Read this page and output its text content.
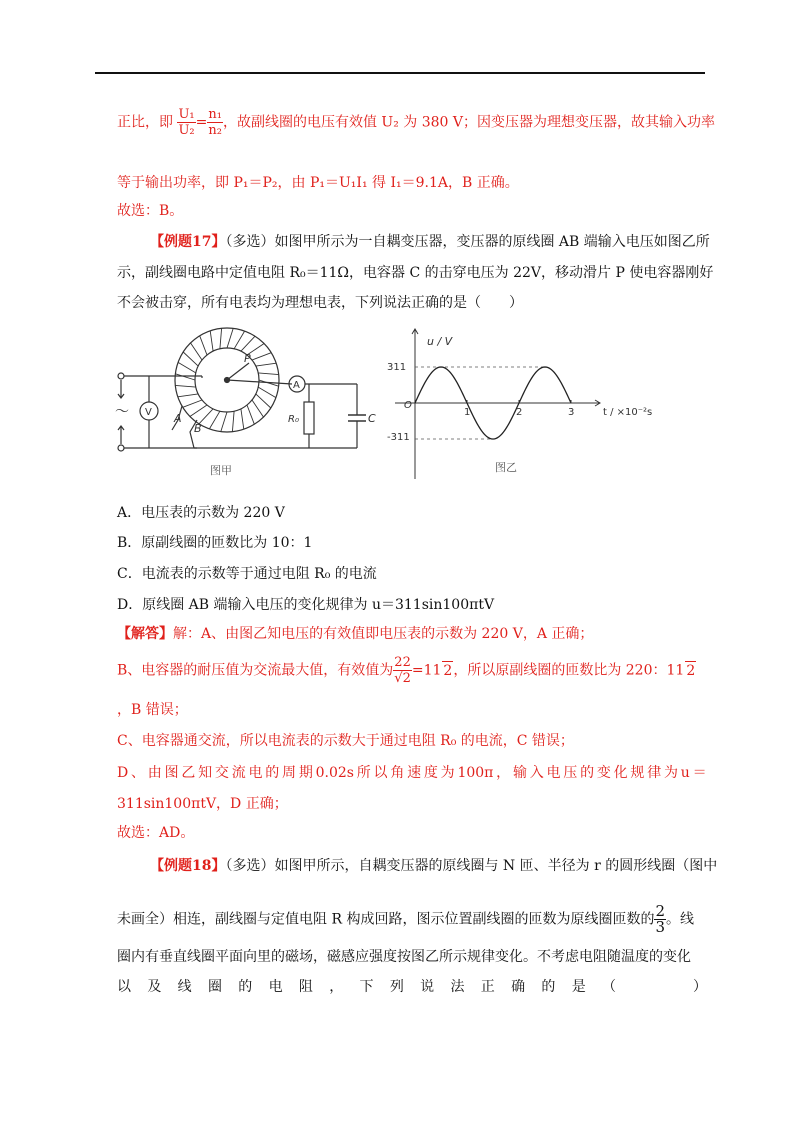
正比，即 $\frac{\text{U₁}}{\text{U₂}} = \frac{\text{n₁}}{\text{n₂}}$ ，故副线圈的电压有效值 U₂ 为 380 V；因变压器为理想变压器，故其输入功率
等于输出功率，即 P₁＝P₂，由 P₁＝U₁I₁ 得 I₁＝9.1A，B 正确。
故选：B。
【例题17】（多选）如图甲所示为一自耦变压器，变压器的原线圈 AB 端输入电压如图乙所
示，副线圈电路中定值电阻 R₀＝11Ω，电容器 C 的击穿电压为 22V，移动滑片 P 使电容器刚好
不会被击穿，所有电表均为理想电表，下列说法正确的是（　　）
～ V
A
A
B
P
R₀	C
图甲
1	2	3
u / V
311
-311
O
t / ×10⁻²s
图乙
A．电压表的示数为 220 V
B．原副线圈的匝数比为 10：1
C．电流表的示数等于通过电阻 R₀ 的电流
D．原线圈 AB 端输入电压的变化规律为 u＝311sin100πtV
【解答】解：A、由图乙知电压的有效值即电压表的示数为 220 V，A 正确；
B、电容器的耐压值为交流最大值，有效值为 $\frac{22}{√2} =11$ 2，所以原副线圈的匝数比为 220：11 2
，B 错误；
C、电容器通交流，所以电流表的示数大于通过电阻 R₀ 的电流，C 错误；
D 、 由 图 乙 知 交 流 电 的 周 期 0.02s 所 以 角 速 度 为 100π ， 输 入 电 压 的 变 化 规 律 为 u ＝
311sin100πtV，D 正确；
故选：AD。
【例题18】（多选）如图甲所示，自耦变压器的原线圈与 N 匝、半径为 r 的圆形线圈（图中
未画全）相连，副线圈与定值电阻 R 构成回路，图示位置副线圈的匝数为原线圈匝数的 $\frac{2}{3}$ 。线
圈内有垂直线圈平面向里的磁场，磁感应强度按图乙所示规律变化。不考虑电阻随温度的变化
以 及 线 圈 的 电 阻 ， 下 列 说 法 正 确 的 是 （

　	）
